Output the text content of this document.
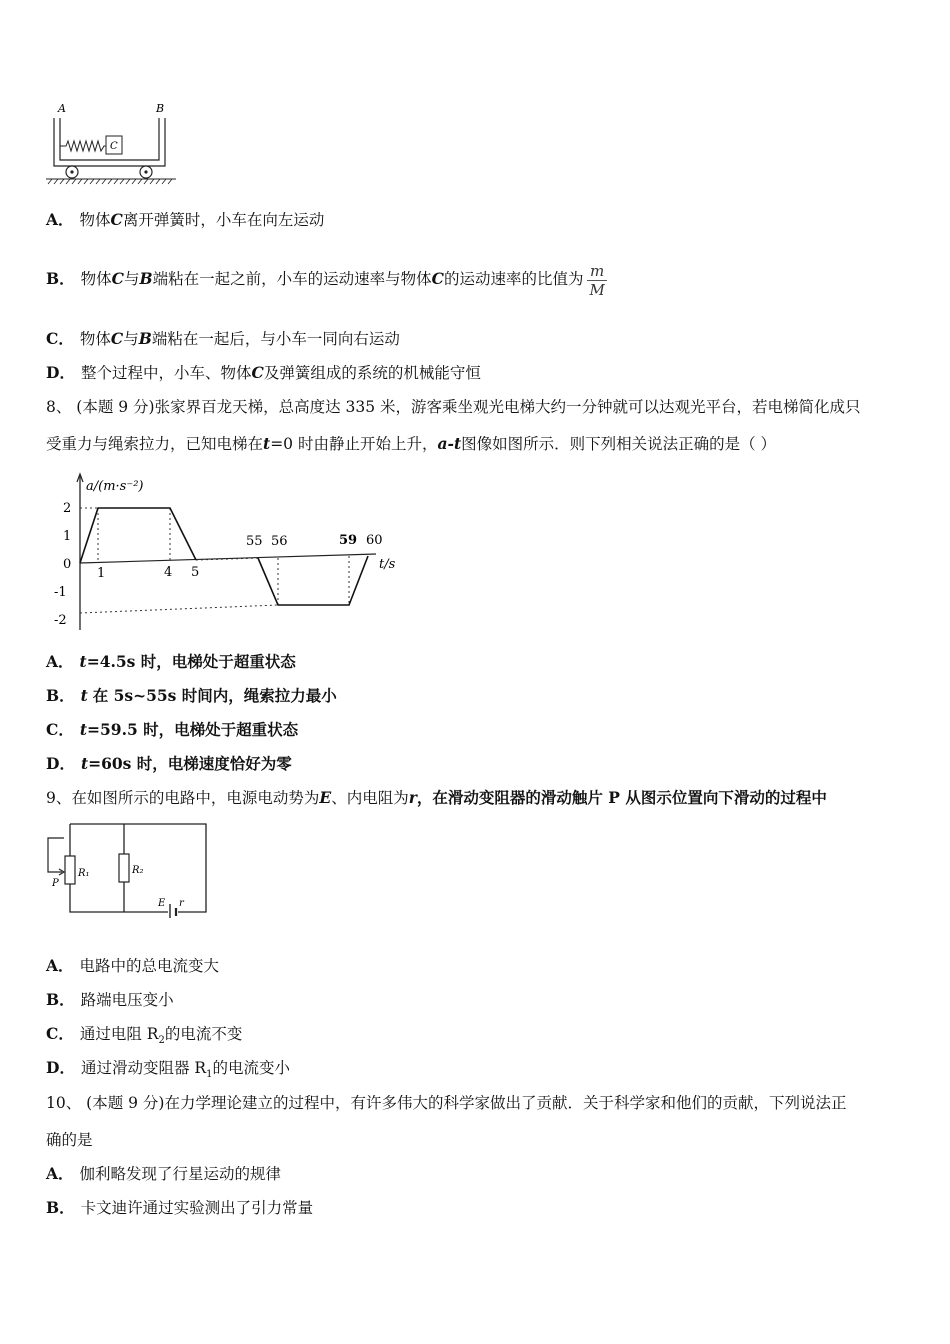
A	B
C
A． 物体C离开弹簧时，小车在向左运动
B． 物体C与B端粘在一起之前，小车的运动速率与物体C的运动速率的比值为 $\frac{m}{M}$
C． 物体C与B端粘在一起后，与小车一同向右运动
D． 整个过程中，小车、物体C及弹簧组成的系统的机械能守恒
8、 (本题 9 分)张家界百龙天梯，总高度达 335 米，游客乘坐观光电梯大约一分钟就可以达观光平台，若电梯简化成只
受重力与绳索拉力，已知电梯在t=0 时由静止开始上升，a-t图像如图所示．则下列相关说法正确的是（ ）
a/(m·s⁻²)
t/s
2
1
0
-1
-2
1	4 5
55 56	59 60
A． t=4.5s 时，电梯处于超重状态
B． t 在 5s~55s 时间内，绳索拉力最小
C． t=59.5 时，电梯处于超重状态
D． t=60s 时，电梯速度恰好为零
9、在如图所示的电路中，电源电动势为E、内电阻为r，在滑动变阻器的滑动触片 P 从图示位置向下滑动的过程中
R₁
P
R₂
E r
A． 电路中的总电流变大
B． 路端电压变小
C． 通过电阻 $R_2$的电流不变
D． 通过滑动变阻器 $R_1$的电流变小
10、 (本题 9 分)在力学理论建立的过程中，有许多伟大的科学家做出了贡献．关于科学家和他们的贡献，下列说法正
确的是
A． 伽利略发现了行星运动的规律
B． 卡文迪许通过实验测出了引力常量
